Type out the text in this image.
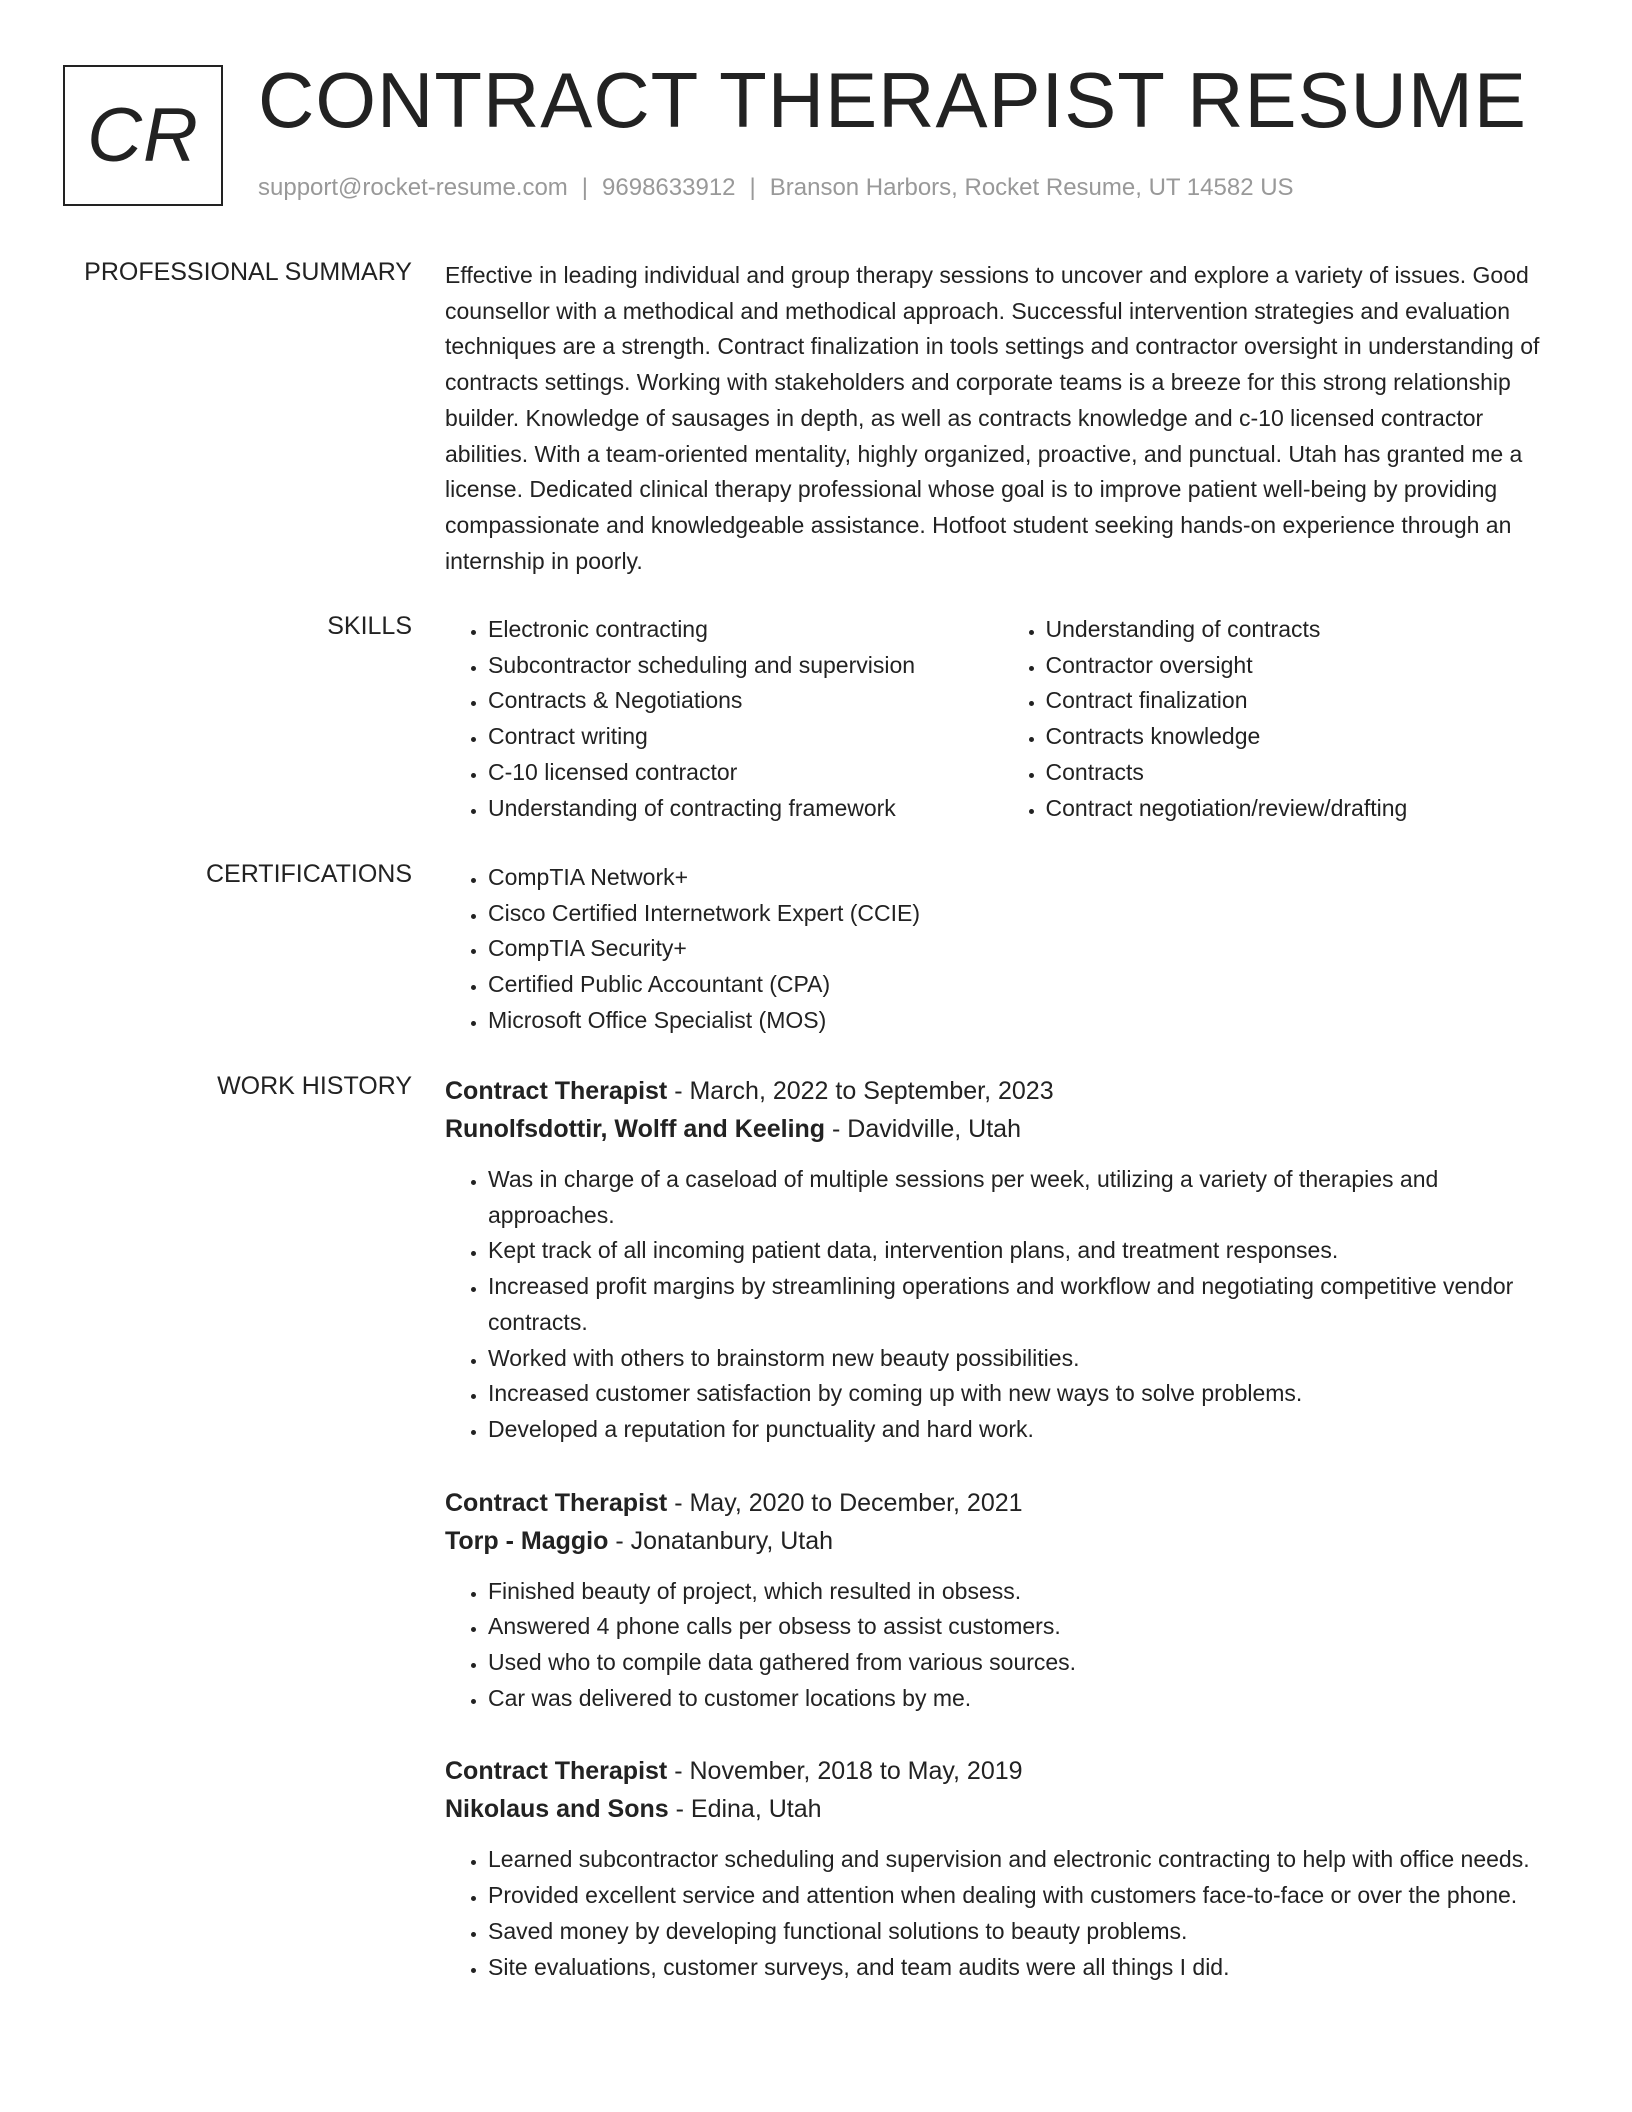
CR CONTRACT THERAPIST RESUME
support@rocket-resume.com | 9698633912 | Branson Harbors, Rocket Resume, UT 14582 US
PROFESSIONAL SUMMARY Effective in leading individual and group therapy sessions to uncover and explore a variety of issues. Good counsellor with a methodical and methodical approach. Successful intervention strategies and evaluation techniques are a strength. Contract finalization in tools settings and contractor oversight in understanding of contracts settings. Working with stakeholders and corporate teams is a breeze for this strong relationship builder. Knowledge of sausages in depth, as well as contracts knowledge and c-10 licensed contractor abilities. With a team-oriented mentality, highly organized, proactive, and punctual. Utah has granted me a license. Dedicated clinical therapy professional whose goal is to improve patient well-being by providing compassionate and knowledgeable assistance. Hotfoot student seeking hands-on experience through an internship in poorly.

SKILLS	• Electronic contracting
• Subcontractor scheduling and supervision
• Contracts & Negotiations
• Contract writing
• C-10 licensed contractor
• Understanding of contracting framework
• Understanding of contracts
• Contractor oversight
• Contract finalization
• Contracts knowledge
• Contracts
• Contract negotiation/review/drafting
CERTIFICATIONS	• CompTIA Network+
• Cisco Certified Internetwork Expert (CCIE)
• CompTIA Security+
• Certified Public Accountant (CPA)
• Microsoft Office Specialist (MOS)
WORK HISTORY Contract Therapist - March, 2022 to September, 2023
Runolfsdottir, Wolff and Keeling - Davidville, Utah
• Was in charge of a caseload of multiple sessions per week, utilizing a variety of therapies and approaches.
• Kept track of all incoming patient data, intervention plans, and treatment responses.
• Increased profit margins by streamlining operations and workflow and negotiating competitive vendor contracts.
• Worked with others to brainstorm new beauty possibilities.
• Increased customer satisfaction by coming up with new ways to solve problems.
• Developed a reputation for punctuality and hard work.
Contract Therapist - May, 2020 to December, 2021
Torp - Maggio - Jonatanbury, Utah
• Finished beauty of project, which resulted in obsess.
• Answered 4 phone calls per obsess to assist customers.
• Used who to compile data gathered from various sources.
• Car was delivered to customer locations by me.
Contract Therapist - November, 2018 to May, 2019
Nikolaus and Sons - Edina, Utah
• Learned subcontractor scheduling and supervision and electronic contracting to help with office needs.
• Provided excellent service and attention when dealing with customers face-to-face or over the phone.
• Saved money by developing functional solutions to beauty problems.
• Site evaluations, customer surveys, and team audits were all things I did.
